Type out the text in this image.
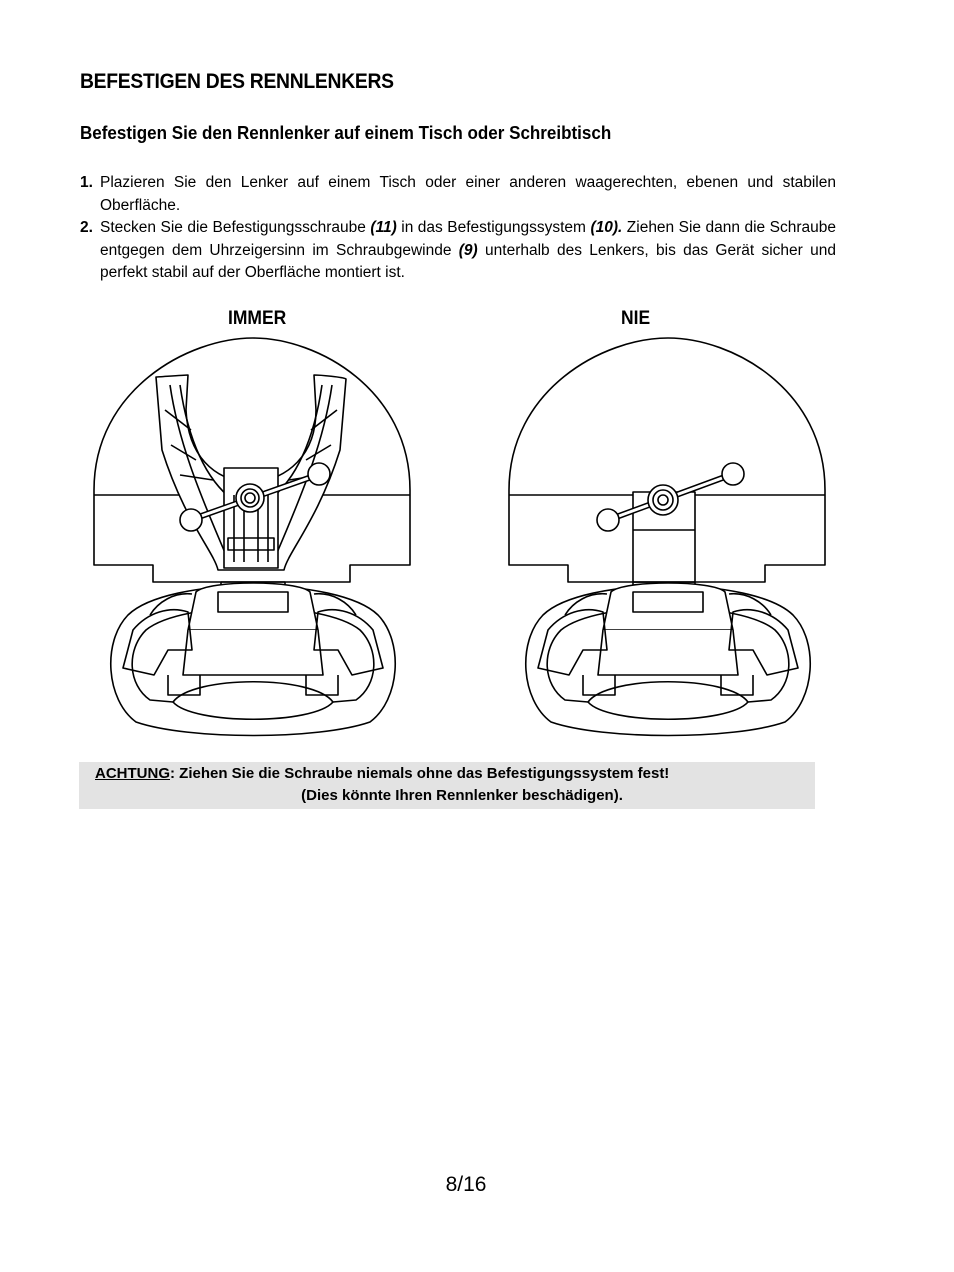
BEFESTIGEN DES RENNLENKERS
Befestigen Sie den Rennlenker auf einem Tisch oder Schreibtisch
1. Plazieren Sie den Lenker auf einem Tisch oder einer anderen waagerechten, ebenen und stabilen Oberfläche.
2. Stecken Sie die Befestigungsschraube (11) in das Befestigungssystem (10). Ziehen Sie dann die Schraube entgegen dem Uhrzeigersinn im Schraubgewinde (9) unterhalb des Lenkers, bis das Gerät sicher und perfekt stabil auf der Oberfläche montiert ist.
IMMER	NIE
ACHTUNG: Ziehen Sie die Schraube niemals ohne das Befestigungssystem fest!
(Dies könnte Ihren Rennlenker beschädigen).
8/16
